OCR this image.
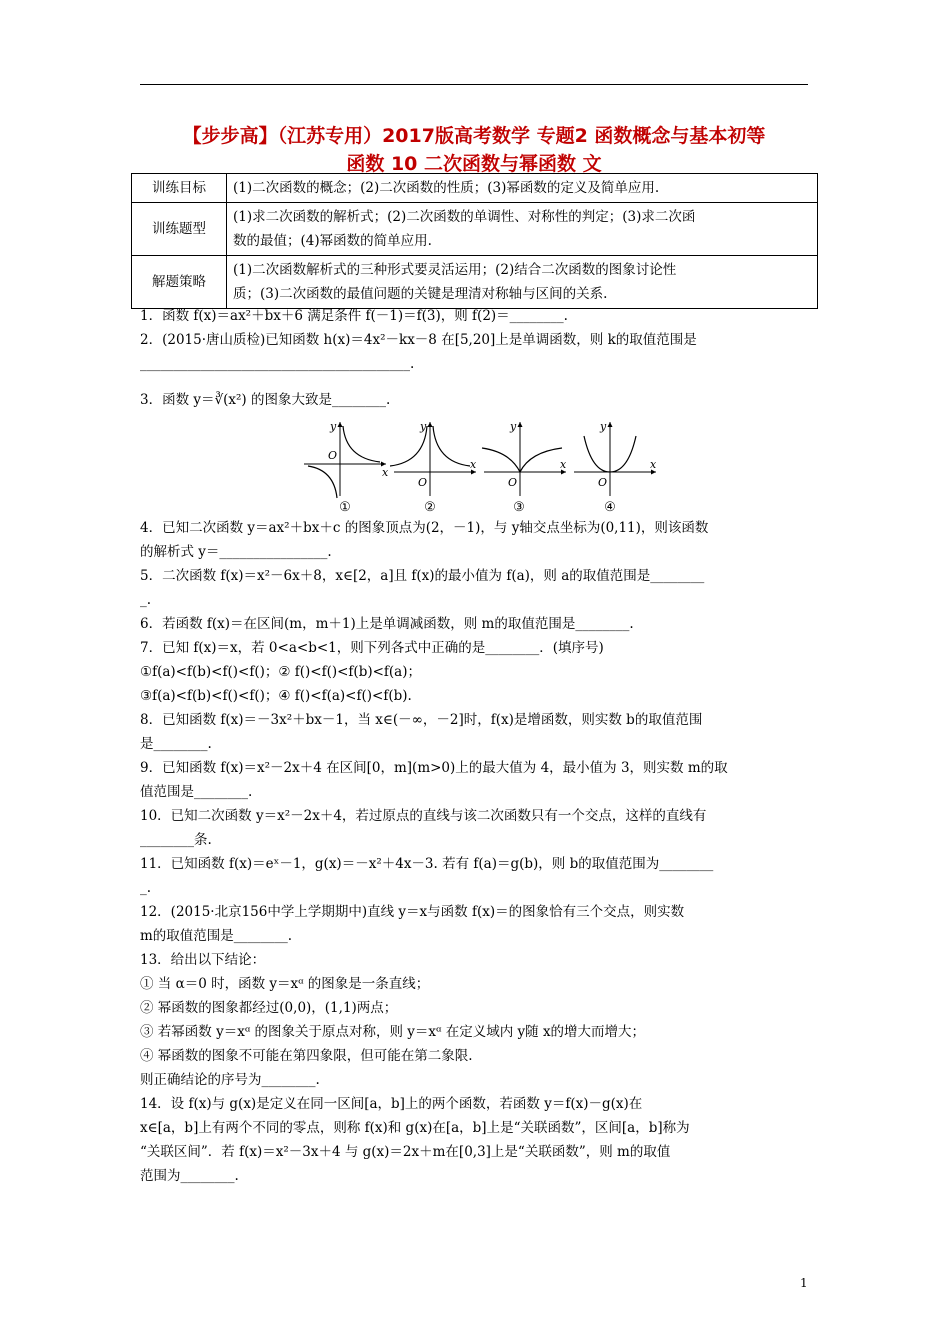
【步步高】（江苏专用）2017版高考数学 专题2 函数概念与基本初等
函数 10 二次函数与幂函数 文
训练目标	(1)二次函数的概念；(2)二次函数的性质；(3)幂函数的定义及简单应用.

训练题型	(1)求二次函数的解析式；(2)二次函数的单调性、对称性的判定；(3)求二次函
数的最值；(4)幂函数的简单应用.

解题策略	(1)二次函数解析式的三种形式要灵活运用；(2)结合二次函数的图象讨论性
质；(3)二次函数的最值问题的关键是理清对称轴与区间的关系.
1．函数 f(x)＝ax²＋bx＋6 满足条件 f(－1)＝f(3)，则 f(2)＝________.
2．(2015·唐山质检)已知函数 h(x)＝4x²－kx－8 在[5,20]上是单调函数，则 k的取值范围是
________________________________________.
3．函数 y＝∛(x²) 的图象大致是________.
y
x
O
①
y
x
O
②
y
x
O
③
y
x
O
④
4．已知二次函数 y＝ax²＋bx＋c 的图象顶点为(2，－1)，与 y轴交点坐标为(0,11)，则该函数
的解析式 y＝________________.
5．二次函数 f(x)＝x²－6x＋8，x∈[2，a]且 f(x)的最小值为 f(a)，则 a的取值范围是________
_.
6．若函数 f(x)＝在区间(m，m＋1)上是单调减函数，则 m的取值范围是________.
7．已知 f(x)＝x，若 0<a<b<1，则下列各式中正确的是________．(填序号)
①f(a)<f(b)<f()<f()；② f()<f()<f(b)<f(a)；
③f(a)<f(b)<f()<f()；④ f()<f(a)<f()<f(b).
8．已知函数 f(x)＝－3x²＋bx－1，当 x∈(－∞，－2]时，f(x)是增函数，则实数 b的取值范围
是________.
9．已知函数 f(x)＝x²－2x＋4 在区间[0，m](m>0)上的最大值为 4，最小值为 3，则实数 m的取
值范围是________.
10．已知二次函数 y＝x²－2x＋4，若过原点的直线与该二次函数只有一个交点，这样的直线有
________条.
11．已知函数 f(x)＝eˣ－1，g(x)＝－x²＋4x－3. 若有 f(a)＝g(b)，则 b的取值范围为________
_.
12．(2015·北京156中学上学期期中)直线 y＝x与函数 f(x)＝的图象恰有三个交点，则实数
m的取值范围是________.
13．给出以下结论：
① 当 α＝0 时，函数 y＝xᵅ 的图象是一条直线；
② 幂函数的图象都经过(0,0)，(1,1)两点；
③ 若幂函数 y＝xᵅ 的图象关于原点对称，则 y＝xᵅ 在定义域内 y随 x的增大而增大；
④ 幂函数的图象不可能在第四象限，但可能在第二象限.
则正确结论的序号为________.
14．设 f(x)与 g(x)是定义在同一区间[a，b]上的两个函数，若函数 y＝f(x)－g(x)在
x∈[a，b]上有两个不同的零点，则称 f(x)和 g(x)在[a，b]上是“关联函数”，区间[a，b]称为
“关联区间”．若 f(x)＝x²－3x＋4 与 g(x)＝2x＋m在[0,3]上是“关联函数”，则 m的取值
范围为________.
1
